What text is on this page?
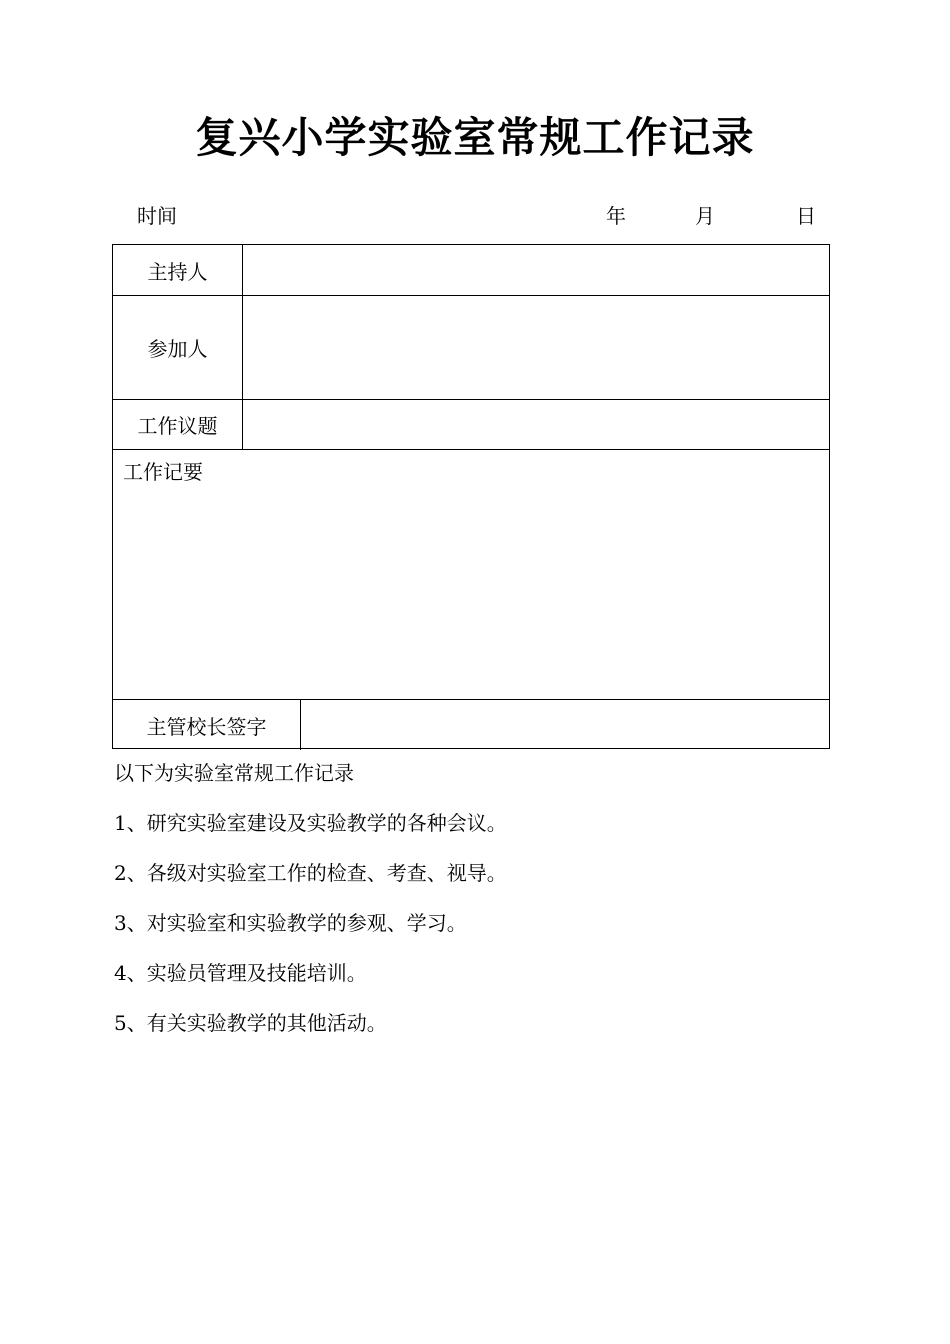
复兴小学实验室常规工作记录
时间	年	月	日
主持人
参加人
工作议题
工作记要
主管校长签字
以下为实验室常规工作记录
1、研究实验室建设及实验教学的各种会议。
2、各级对实验室工作的检查、考查、视导。
3、对实验室和实验教学的参观、学习。
4、实验员管理及技能培训。
5、有关实验教学的其他活动。
